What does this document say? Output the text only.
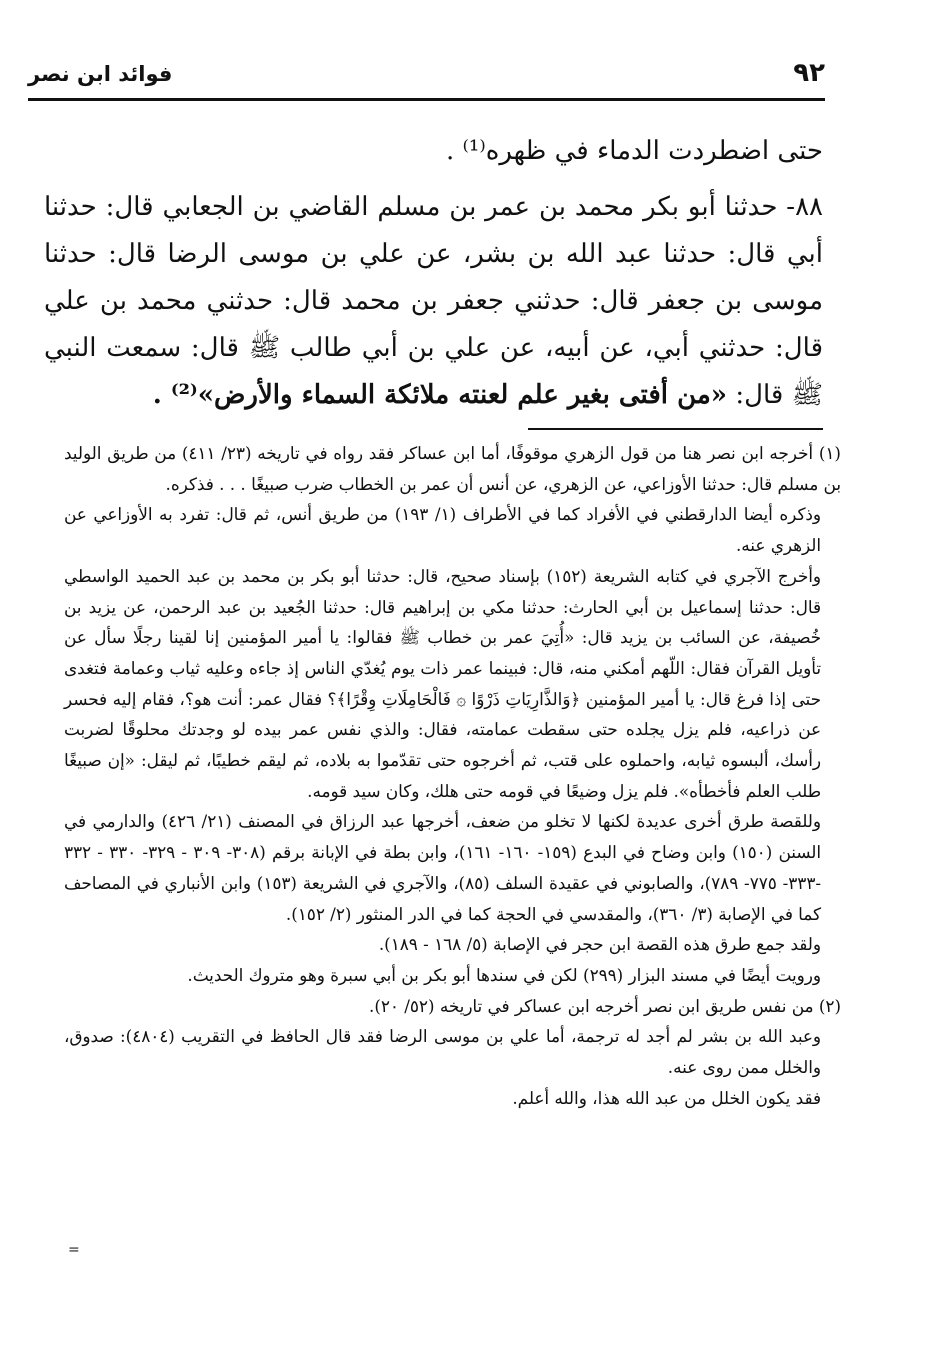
٩٢
فوائد ابن نصر

حتى اضطردت الدماء في ظهره⁽¹⁾ .

٨٨- حدثنا أبو بكر محمد بن عمر بن مسلم القاضي بن الجعابي قال: حدثنا أبي قال: حدثنا عبد الله بن بشر، عن علي بن موسى الرضا قال: حدثنا موسى بن جعفر قال: حدثني جعفر بن محمد قال: حدثني محمد بن علي قال: حدثني أبي، عن أبيه، عن علي بن أبي طالب ﷺ قال: سمعت النبي ﷺ قال: «من أفتى بغير علم لعنته ملائكة السماء والأرض»⁽²⁾ .

(١) أخرجه ابن نصر هنا من قول الزهري موقوفًا، أما ابن عساكر فقد رواه في تاريخه (٢٣/ ٤١١) من طريق الوليد بن مسلم قال: حدثنا الأوزاعي، عن الزهري، عن أنس أن عمر بن الخطاب ضرب صبيغًا . . . فذكره.

وذكره أيضا الدارقطني في الأفراد كما في الأطراف (١/ ١٩٣) من طريق أنس، ثم قال: تفرد به الأوزاعي عن الزهري عنه.

وأخرج الآجري في كتابه الشريعة (١٥٢) بإسناد صحيح، قال: حدثنا أبو بكر بن محمد بن عبد الحميد الواسطي قال: حدثنا إسماعيل بن أبي الحارث: حدثنا مكي بن إبراهيم قال: حدثنا الجُعيد بن عبد الرحمن، عن يزيد بن خُصيفة، عن السائب بن يزيد قال: «أُتِيَ عمر بن خطاب ﷺ فقالوا: يا أمير المؤمنين إنا لقينا رجلًا سأل عن تأويل القرآن فقال: اللّهم أمكني منه، قال: فبينما عمر ذات يوم يُغدّي الناس إذ جاءه وعليه ثياب وعمامة فتغدى حتى إذا فرغ قال: يا أمير المؤمنين ﴿وَالذَّارِيَاتِ ذَرْوًا ۞ فَالْحَامِلَاتِ وِقْرًا﴾؟ فقال عمر: أنت هو؟، فقام إليه فحسر عن ذراعيه، فلم يزل يجلده حتى سقطت عمامته، فقال: والذي نفس عمر بيده لو وجدتك محلوقًا لضربت رأسك، ألبسوه ثيابه، واحملوه على قتب، ثم أخرجوه حتى تقدّموا به بلاده، ثم ليقم خطيبًا، ثم ليقل: «إن صبيغًا طلب العلم فأخطأه». فلم يزل وضيعًا في قومه حتى هلك، وكان سيد قومه.

وللقصة طرق أخرى عديدة لكنها لا تخلو من ضعف، أخرجها عبد الرزاق في المصنف (٢١/ ٤٢٦) والدارمي في السنن (١٥٠) وابن وضاح في البدع (١٥٩- ١٦٠- ١٦١)، وابن بطة في الإبانة برقم (٣٠٨- ٣٠٩ - ٣٢٩- ٣٣٠ - ٣٣٢ -٣٣٣- ٧٧٥- ٧٨٩)، والصابوني في عقيدة السلف (٨٥)، والآجري في الشريعة (١٥٣) وابن الأنباري في المصاحف كما في الإصابة (٣/ ٣٦٠)، والمقدسي في الحجة كما في الدر المنثور (٢/ ١٥٢).

ولقد جمع طرق هذه القصة ابن حجر في الإصابة (٥/ ١٦٨ - ١٨٩).

ورويت أيضًا في مسند البزار (٢٩٩) لكن في سندها أبو بكر بن أبي سبرة وهو متروك الحديث.

(٢) من نفس طريق ابن نصر أخرجه ابن عساكر في تاريخه (٥٢/ ٢٠).

وعبد الله بن بشر لم أجد له ترجمة، أما علي بن موسى الرضا فقد قال الحافظ في التقريب (٤٨٠٤): صدوق، والخلل ممن روى عنه.

فقد يكون الخلل من عبد الله هذا، والله أعلم.

=
